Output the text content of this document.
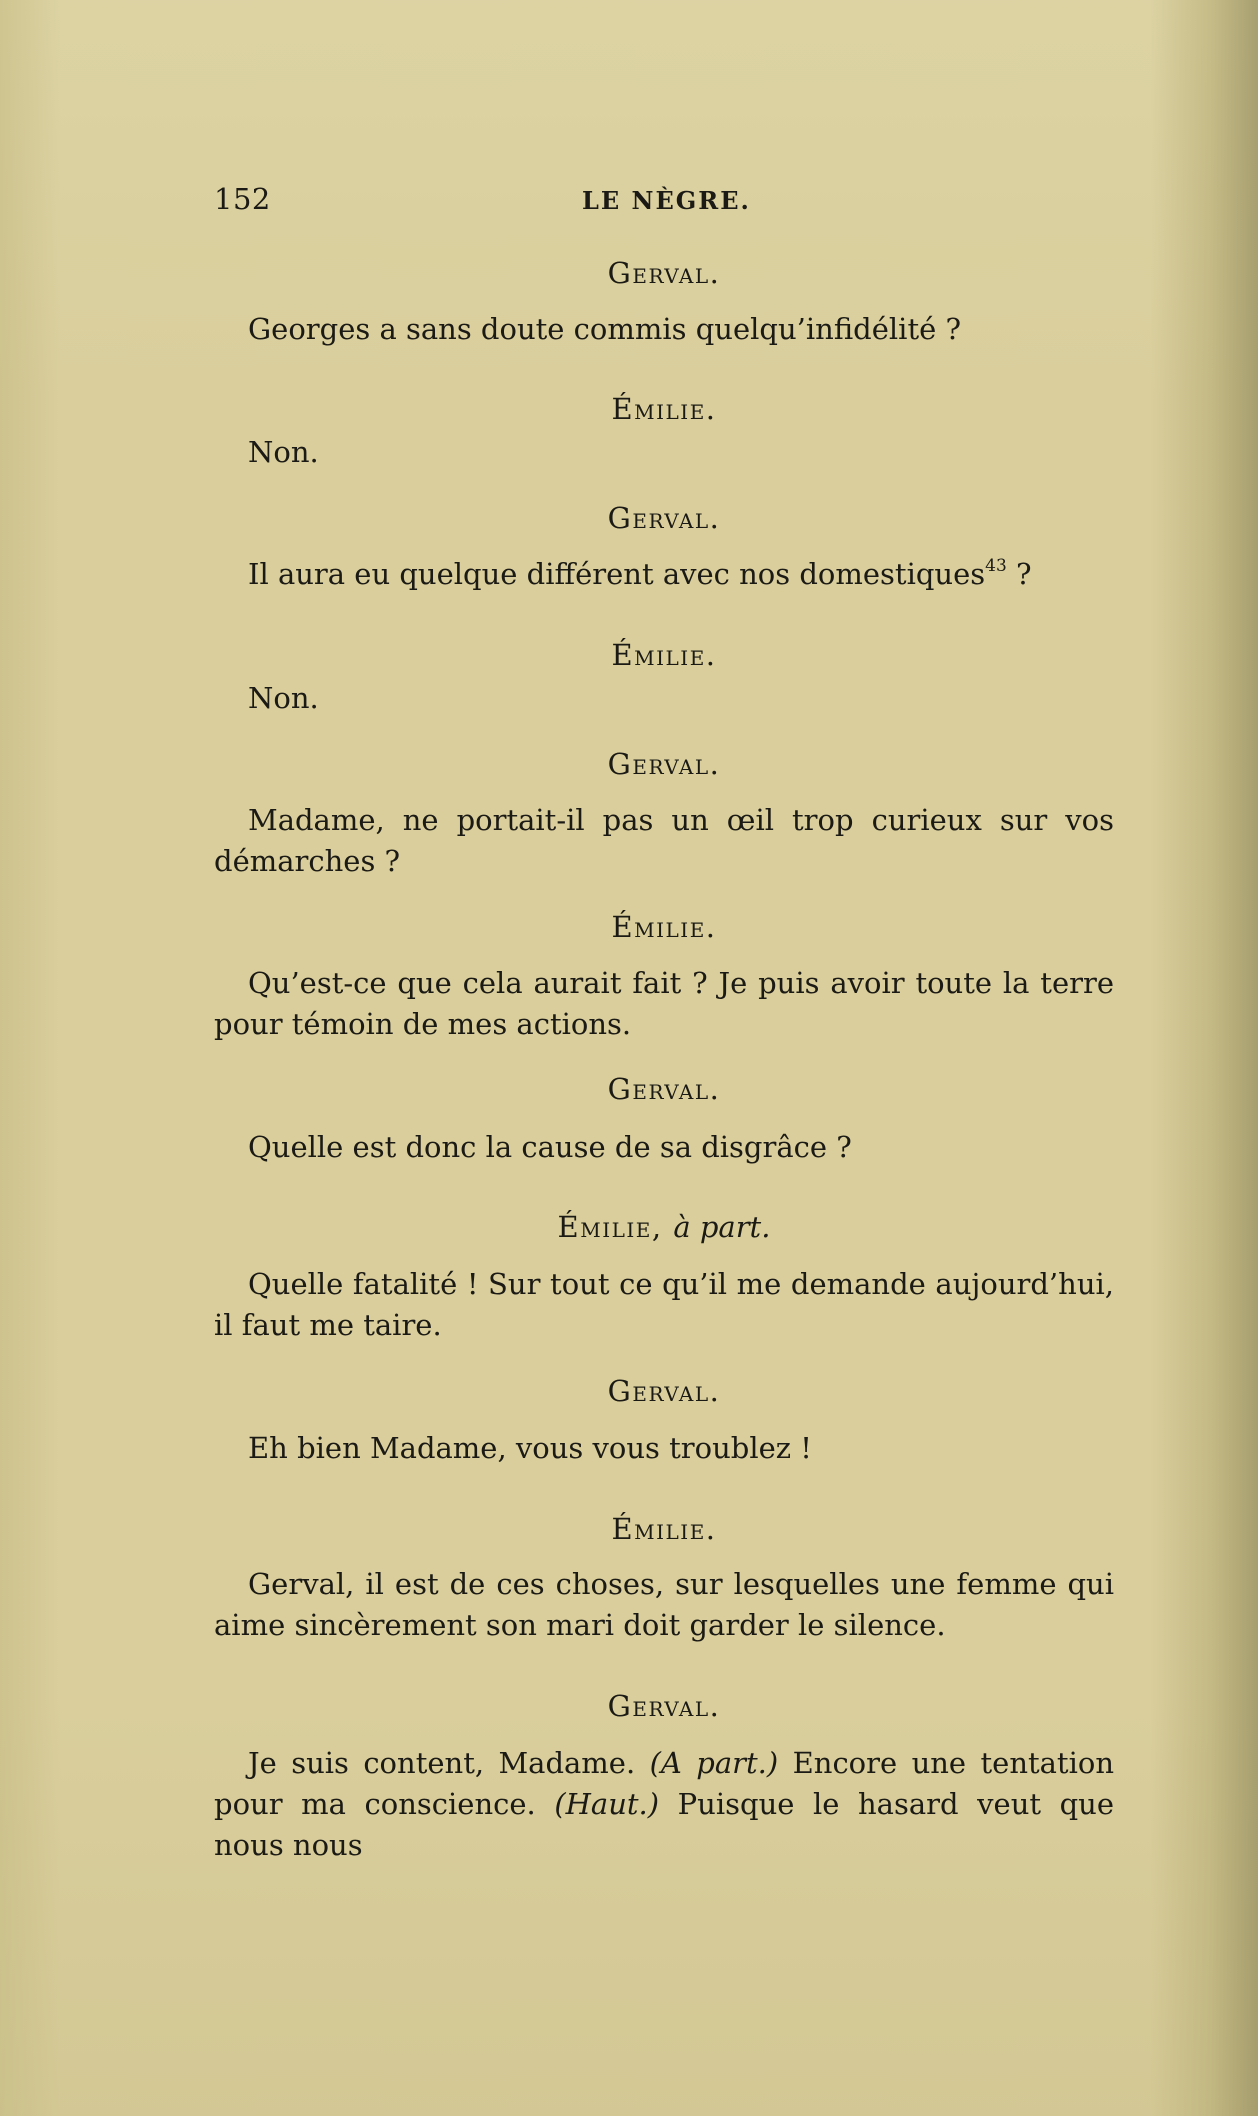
152	LE NÈGRE.
Gerval.

Georges a sans doute commis quelqu’infidélité ?

Émilie.

Non.

Gerval.

Il aura eu quelque différent avec nos domestiques$^{43}$ ?

Émilie.

Non.

Gerval.

Madame, ne portait-il pas un œil trop curieux sur vos démarches ?

Émilie.

Qu’est-ce que cela aurait fait ? Je puis avoir toute la terre pour témoin de mes actions.

Gerval.

Quelle est donc la cause de sa disgrâce ?

Émilie, à part.

Quelle fatalité ! Sur tout ce qu’il me demande aujourd’hui, il faut me taire.

Gerval.

Eh bien Madame, vous vous troublez !

Émilie.

Gerval, il est de ces choses, sur lesquelles une femme qui aime sincèrement son mari doit garder le silence.

Gerval.

Je suis content, Madame. (A part.) Encore une tentation pour ma conscience. (Haut.) Puisque le hasard veut que nous nous
